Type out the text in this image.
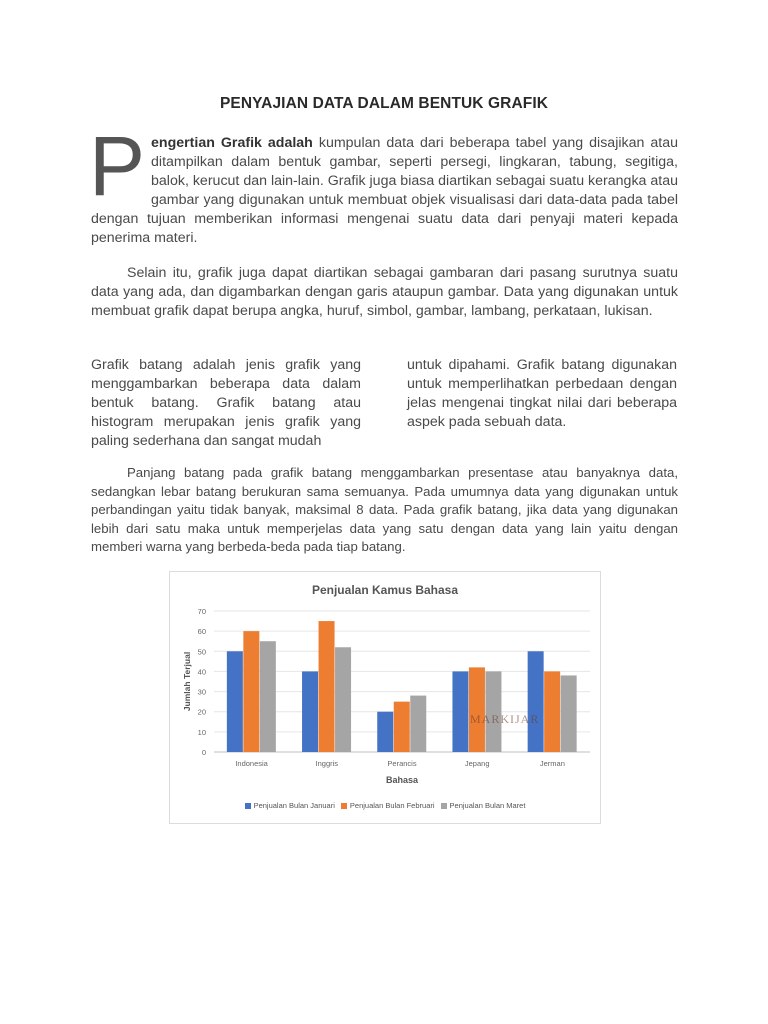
PENYAJIAN DATA DALAM BENTUK GRAFIK

Pengertian Grafik adalah kumpulan data dari beberapa tabel yang disajikan atau ditampilkan dalam bentuk gambar, seperti persegi, lingkaran, tabung, segitiga, balok, kerucut dan lain-lain. Grafik juga biasa diartikan sebagai suatu kerangka atau gambar yang digunakan untuk membuat objek visualisasi dari data-data pada tabel dengan tujuan memberikan informasi mengenai suatu data dari penyaji materi kepada penerima materi.

Selain itu, grafik juga dapat diartikan sebagai gambaran dari pasang surutnya suatu data yang ada, dan digambarkan dengan garis ataupun gambar. Data yang digunakan untuk membuat grafik dapat berupa angka, huruf, simbol, gambar, lambang, perkataan, lukisan.

Grafik batang adalah jenis grafik yang menggambarkan beberapa data dalam bentuk batang. Grafik batang atau histogram merupakan jenis grafik yang paling sederhana dan sangat mudah

untuk dipahami. Grafik batang digunakan untuk memperlihatkan perbedaan dengan jelas mengenai tingkat nilai dari beberapa aspek pada sebuah data.

Panjang batang pada grafik batang menggambarkan presentase atau banyaknya data, sedangkan lebar batang berukuran sama semuanya. Pada umumnya data yang digunakan untuk perbandingan yaitu tidak banyak, maksimal 8 data. Pada grafik batang, jika data yang digunakan lebih dari satu maka untuk memperjelas data yang satu dengan data yang lain yaitu dengan memberi warna yang berbeda-beda pada tiap batang.

Penjualan Kamus Bahasa
0
10
20
30
40
50
60
70
Jumlah Terjual
Indonesia	Inggris	Perancis	Jepang	Jerman
Bahasa
MARKIJAR
Penjualan Bulan Januari Penjualan Bulan Februari Penjualan Bulan Maret
